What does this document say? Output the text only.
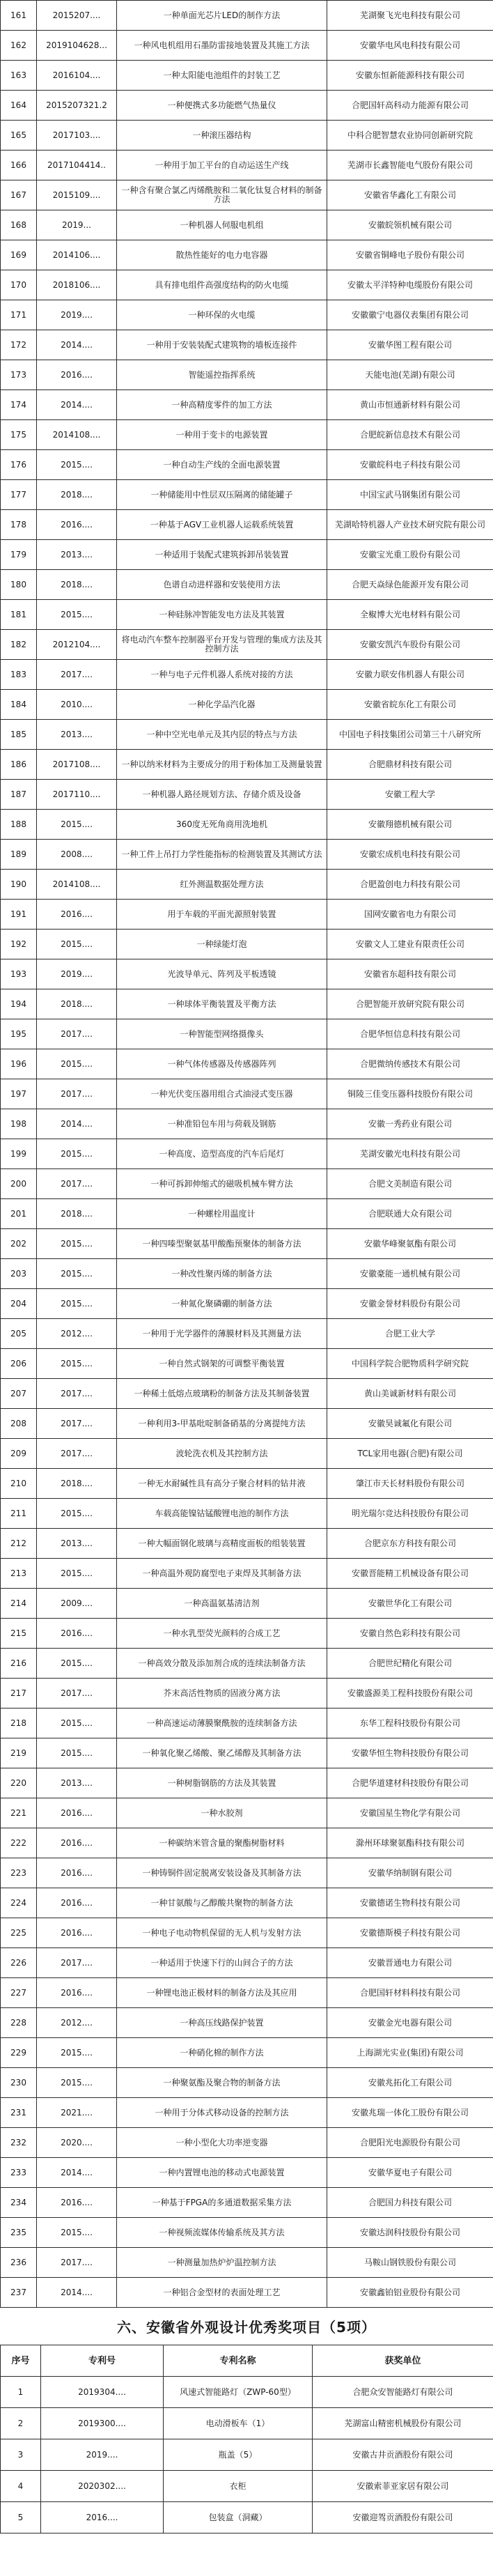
161	2015207....	一种单面光芯片LED的制作方法	芜湖聚飞光电科技有限公司
162	2019104628...	一种风电机组用石墨防雷接地装置及其施工方法	安徽华电风电科技有限公司
163	2016104....	一种太阳能电池组件的封装工艺	安徽东恒新能源科技有限公司
164	2015207321.2	一种便携式多功能燃气热量仪	合肥国轩高科动力能源有限公司
165	2017103....	一种滚压器结构	中科合肥智慧农业协同创新研究院
166	2017104414..	一种用于加工平台的自动运送生产线	芜湖市长鑫智能电气股份有限公司
167	2015109....	一种含有聚合氯乙丙烯酰胺和二氧化钛复合材料的制备方法	安徽省华鑫化工有限公司
168	2019...	一种机器人伺服电机组	安徽皖领机械有限公司
169	2014106....	散热性能好的电力电容器	安徽省铜峰电子股份有限公司
170	2018106....	具有排电组件高强度结构的防火电缆	安徽太平洋特种电缆股份有限公司
171	2019....	一种环保的火电缆	安徽徽宁电器仪表集团有限公司
172	2014....	一种用于安装装配式建筑物的墙板连接件	安徽华图工程有限公司
173	2016....	智能遥控指挥系统	天能电池(芜湖)有限公司
174	2014....	一种高精度零件的加工方法	黄山市恒通新材料有限公司
175	2014108....	一种用于变卡的电源装置	合肥皖新信息技术有限公司
176	2015....	一种自动生产线的全面电源装置	安徽皖科电子科技有限公司
177	2018....	一种储能用中性层双压隔离的储能罐子	中国宝武马钢集团有限公司
178	2016....	一种基于AGV工业机器人运载系统装置	芜湖哈特机器人产业技术研究院有限公司
179	2013....	一种适用于装配式建筑拆卸吊装装置	安徽宝光重工股份有限公司
180	2018....	色谱自动进样器和安装使用方法	合肥天焱绿色能源开发有限公司
181	2015....	一种硅脉冲智能发电方法及其装置	全椒博大光电材料有限公司
182	2012104....	将电动汽车整车控制器平台开发与管理的集成方法及其控制方法	安徽安凯汽车股份有限公司
183	2017....	一种与电子元件机器人系统对接的方法	安徽力联安伟机器人有限公司
184	2010....	一种化学品汽化器	安徽省皖东化工有限公司
185	2013....	一种中空光电单元及其内层的特点与方法	中国电子科技集团公司第三十八研究所
186	2017108....	一种以纳米材料为主要成分的用于粉体加工及测量装置	合肥鼎材科技有限公司
187	2017110....	一种机器人路径规划方法、存储介质及设备	安徽工程大学
188	2015....	360度无死角商用洗地机	安徽翔德机械有限公司
189	2008....	一种工件上吊打力学性能指标的检测装置及其测试方法	安徽宏成机电科技有限公司
190	2014108....	红外测温数据处理方法	合肥盈创电力科技有限公司
191	2016....	用于车载的平面光源照射装置	国网安徽省电力有限公司
192	2015....	一种绿能灯泡	安徽文人工建业有限责任公司
193	2019....	光波导单元、阵列及平板透镜	安徽省东超科技有限公司
194	2018....	一种球体平衡装置及平衡方法	合肥智能开放研究院有限公司
195	2017....	一种智能型网络摄像头	合肥华恒信息科技有限公司
196	2015....	一种气体传感器及传感器阵列	合肥微纳传感技术有限公司
197	2017....	一种光伏变压器用组合式油浸式变压器	铜陵三佳变压器科技股份有限公司
198	2014....	一种准铅包车用与荷载及钢筋	安徽一秀药业有限公司
199	2015....	一种高度、造型高度的汽车后尾灯	芜湖安徽光电科技有限公司
200	2017....	一种可拆卸伸缩式的磁吸机械车臂方法	合肥文美制造有限公司
201	2018....	一种螺栓用温度计	合肥联通大众有限公司
202	2015....	一种四嗪型聚氨基甲酸酯预聚体的制备方法	安徽华峰聚氨酯有限公司
203	2015....	一种改性聚丙烯的制备方法	安徽豪能一通机械有限公司
204	2015....	一种氮化聚磷硼的制备方法	安徽金誉材料股份有限公司
205	2012....	一种用于光学器件的薄膜材料及其测量方法	合肥工业大学
206	2015....	一种自然式钢架的可调整平衡装置	中国科学院合肥物质科学研究院
207	2017....	一种稀土低熔点玻璃粉的制备方法及其制备装置	黄山美诚新材料有限公司
208	2017....	一种利用3-甲基吡啶制备硝基的分离提纯方法	安徽昊诚氟化有限公司
209	2017....	波轮洗衣机及其控制方法	TCL家用电器(合肥)有限公司
210	2018....	一种无水耐碱性具有高分子聚合材料的钻井液	肇江市天长材料股份有限公司
211	2015....	车载高能镍钴锰酸锂电池的制作方法	明光瑞尔竞达科技股份有限公司
212	2013....	一种大幅面钢化玻璃与高精度面板的组装装置	合肥京东方科技有限公司
213	2015....	一种高温外观防腐型电子束焊及其制备方法	安徽晋能精工机械设备有限公司
214	2009....	一种高温氨基清洁剂	安徽世华化工有限公司
215	2016....	一种水乳型荧光颜料的合成工艺	安徽自然色彩科技有限公司
216	2015....	一种高效分散及添加剂合成的连续法制备方法	合肥世纪精化有限公司
217	2017....	芥末高活性物质的固液分离方法	安徽盛源美工程科技股份有限公司
218	2015....	一种高速运动薄膜聚酰胺的连续制备方法	东华工程科技股份有限公司
219	2015....	一种氧化聚乙烯酸、聚乙烯醇及其制备方法	安徽华恒生物科技股份有限公司
220	2013....	一种树脂钢筋的方法及其装置	合肥华道建材科技股份有限公司
221	2016....	一种水胶剂	安徽国星生物化学有限公司
222	2016....	一种碳纳米管含量的聚酯树脂材料	滁州环球聚氨酯科技有限公司
223	2016....	一种铸铜件固定脱离安装设备及其制备方法	安徽华纳制钢有限公司
224	2016....	一种甘氨酸与乙醇酸共聚物的制备方法	安徽德诺生物科技有限公司
225	2016....	一种电子电动物机保留的无人机与发射方法	安徽德斯模子科技有限公司
226	2017....	一种适用于快速下行的山间合子的方法	安徽晋通电力有限公司
227	2016....	一种锂电池正极材料的制备方法及其应用	合肥国轩材料科技有限公司
228	2012....	一种高压线路保护装置	安徽金光电器有限公司
229	2015....	一种硝化棉的制作方法	上海湖光实业(集团)有限公司
230	2015....	一种聚氨酯及聚合物的制备方法	安徽兆拓化工有限公司
231	2021....	一种用于分体式移动设备的控制方法	安徽兆瑞一体化工股份有限公司
232	2020....	一种小型化大功率逆变器	合肥阳光电源股份有限公司
233	2014....	一种内置锂电池的移动式电源装置	安徽华夏电子有限公司
234	2016....	一种基于FPGA的多通道数据采集方法	合肥国力科技有限公司
235	2015....	一种视频流媒体传输系统及其方法	安徽达润科技股份有限公司
236	2017....	一种测量加热炉炉温控制方法	马鞍山钢铁股份有限公司
237	2014....	一种铝合金型材的表面处理工艺	安徽鑫铂铝业股份有限公司
六、安徽省外观设计优秀奖项目（5项）
序号	专利号	专利名称	获奖单位
1	2019304....	风速式智能路灯（ZWP-60型）	合肥众安智能路灯有限公司
2	2019300....	电动滑板车（1）	芜湖富山精密机械股份有限公司
3	2019....	瓶盖（5）	安徽古井贡酒股份有限公司
4	2020302....	衣柜	安徽索菲亚家居有限公司
5	2016....	包装盒（洞藏）	安徽迎驾贡酒股份有限公司
